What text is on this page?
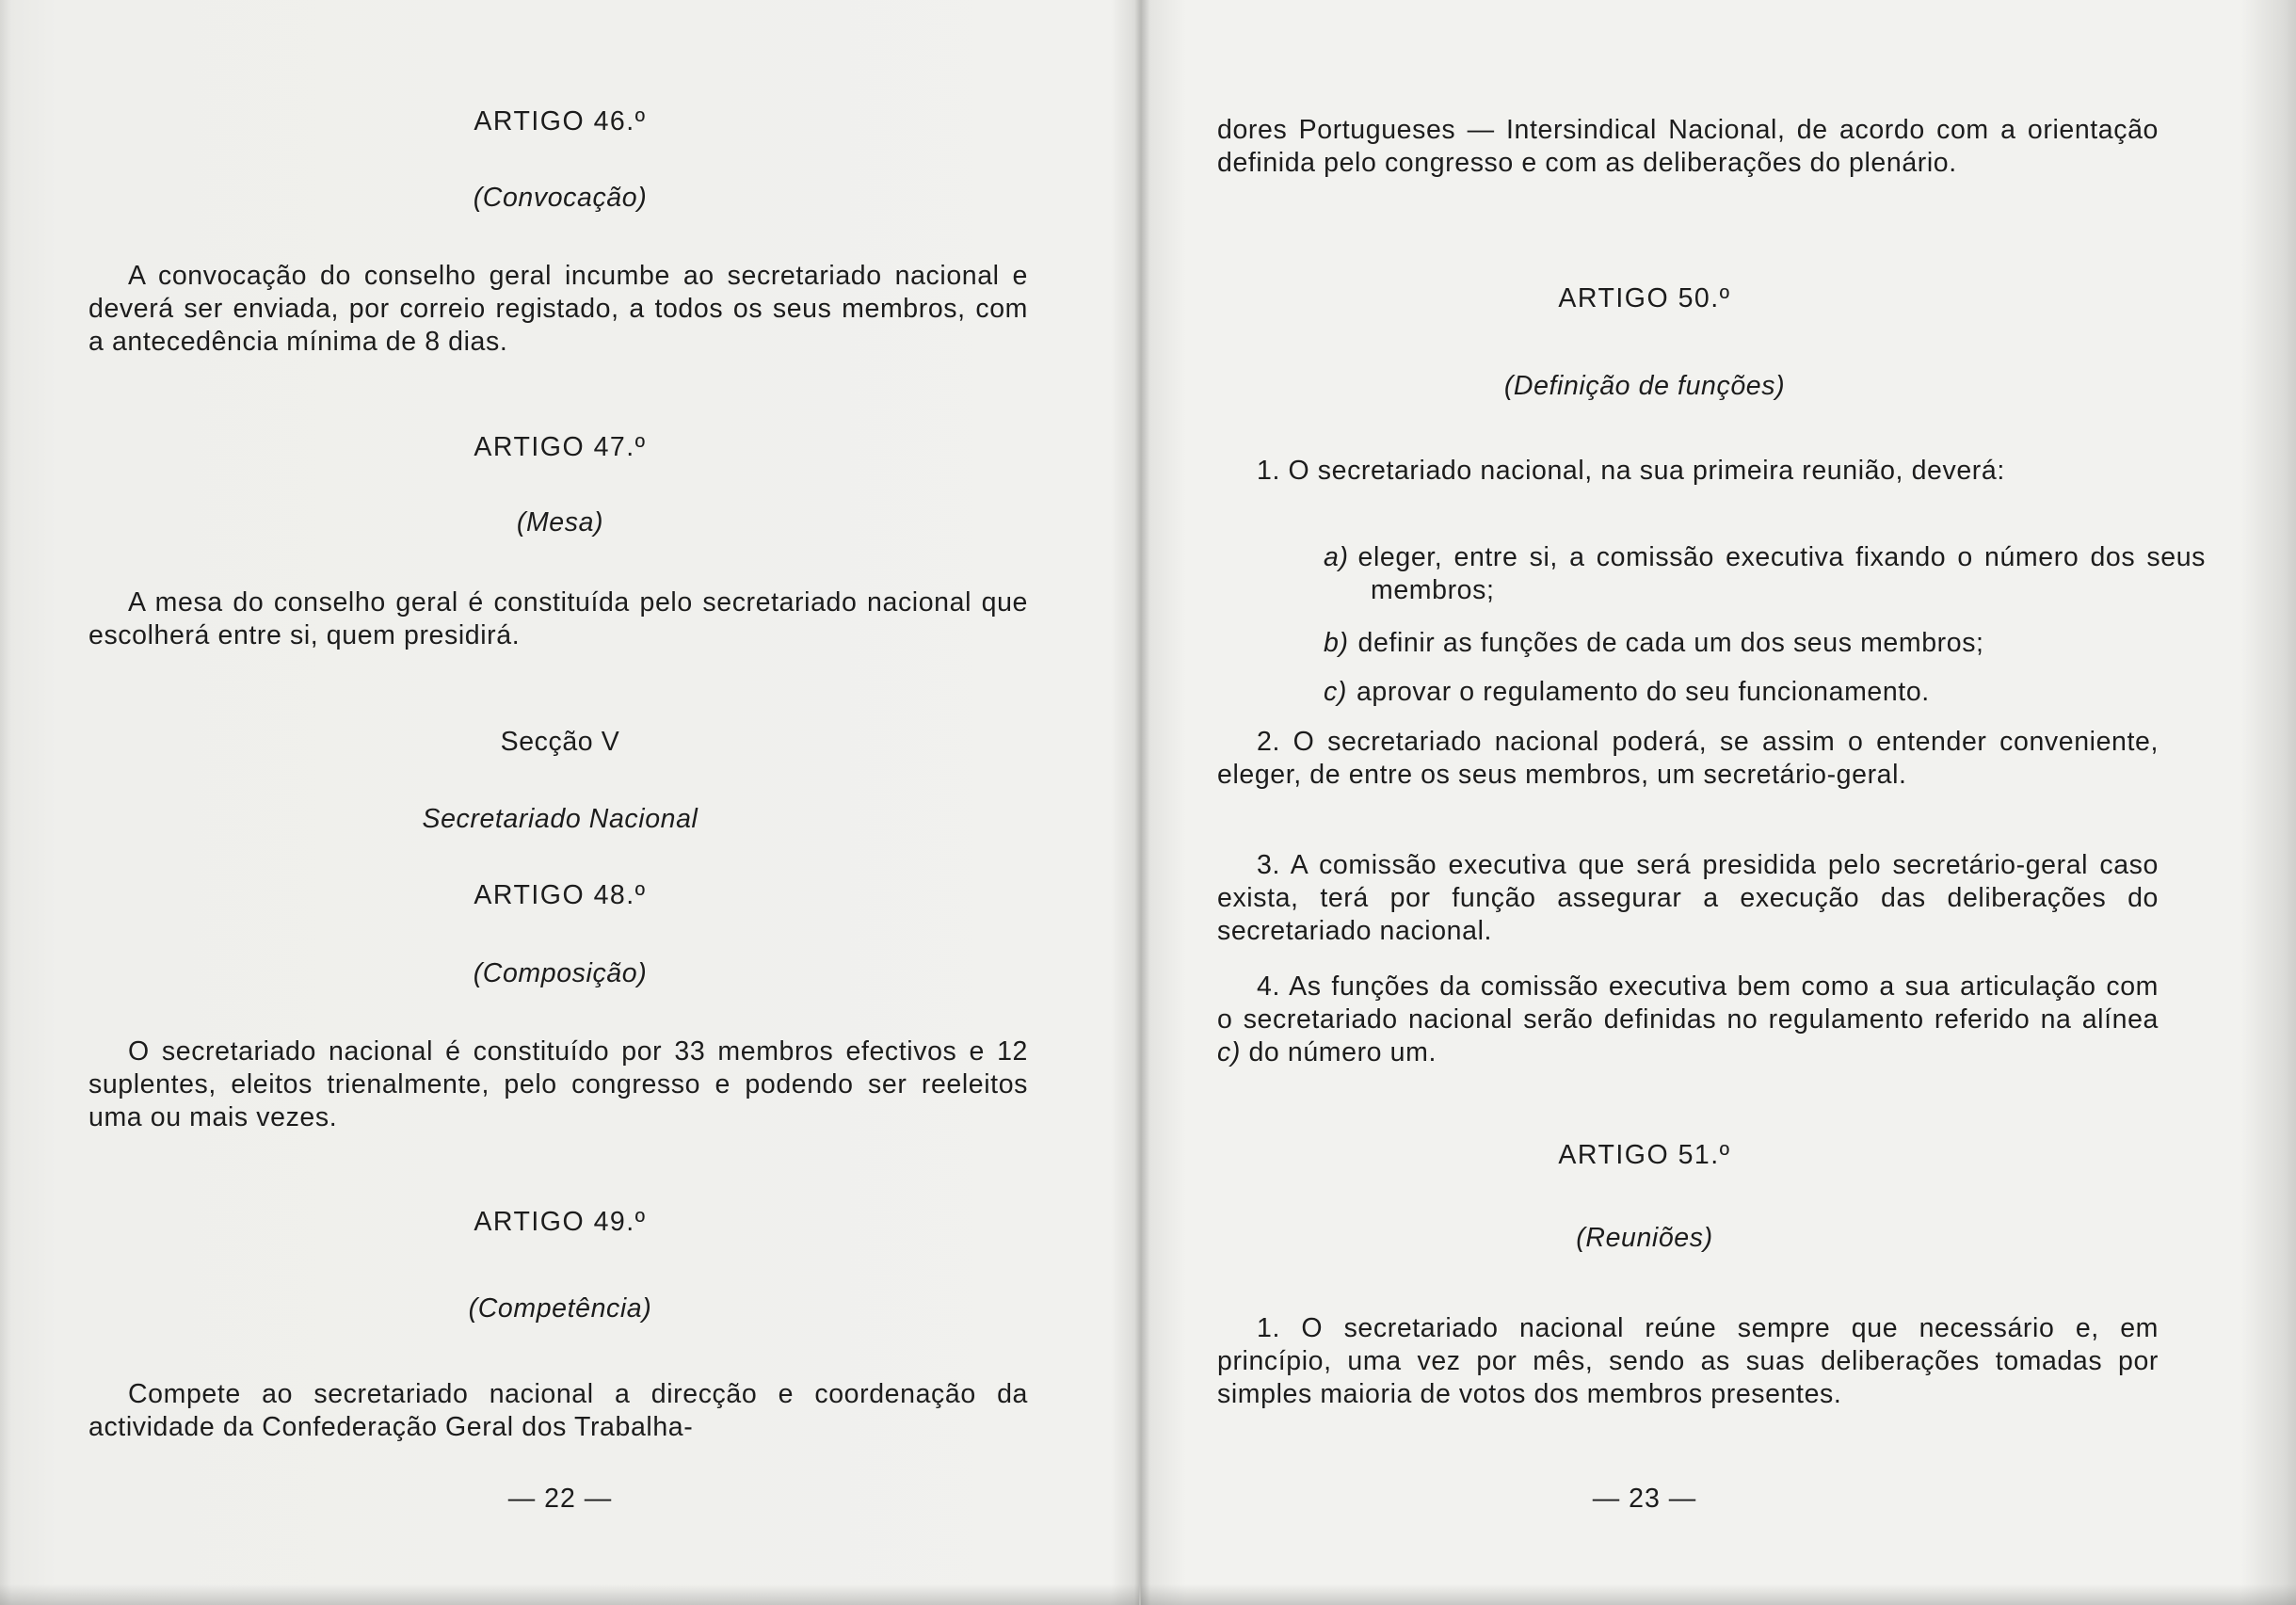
ARTIGO 46.º
(Convocação)
A convocação do conselho geral incumbe ao secretariado nacional e deverá ser enviada, por correio registado, a todos os seus membros, com a antecedência mínima de 8 dias.
ARTIGO 47.º
(Mesa)
A mesa do conselho geral é constituída pelo secretariado nacional que escolherá entre si, quem presidirá.
Secção V
Secretariado Nacional
ARTIGO 48.º
(Composição)
O secretariado nacional é constituído por 33 membros efectivos e 12 suplentes, eleitos trienalmente, pelo congresso e podendo ser reeleitos uma ou mais vezes.
ARTIGO 49.º
(Competência)
Compete ao secretariado nacional a direcção e coordenação da actividade da Confederação Geral dos Trabalha-
— 22 —
dores Portugueses — Intersindical Nacional, de acordo com a orientação definida pelo congresso e com as deliberações do plenário.
ARTIGO 50.º
(Definição de funções)
1. O secretariado nacional, na sua primeira reunião, deverá:
a) eleger, entre si, a comissão executiva fixando o número dos seus membros;
b) definir as funções de cada um dos seus membros;
c) aprovar o regulamento do seu funcionamento.
2. O secretariado nacional poderá, se assim o entender conveniente, eleger, de entre os seus membros, um secretário-geral.
3. A comissão executiva que será presidida pelo secretário-geral caso exista, terá por função assegurar a execução das deliberações do secretariado nacional.
4. As funções da comissão executiva bem como a sua articulação com o secretariado nacional serão definidas no regulamento referido na alínea c) do número um.
ARTIGO 51.º
(Reuniões)
1. O secretariado nacional reúne sempre que necessário e, em princípio, uma vez por mês, sendo as suas deliberações tomadas por simples maioria de votos dos membros presentes.
— 23 —
